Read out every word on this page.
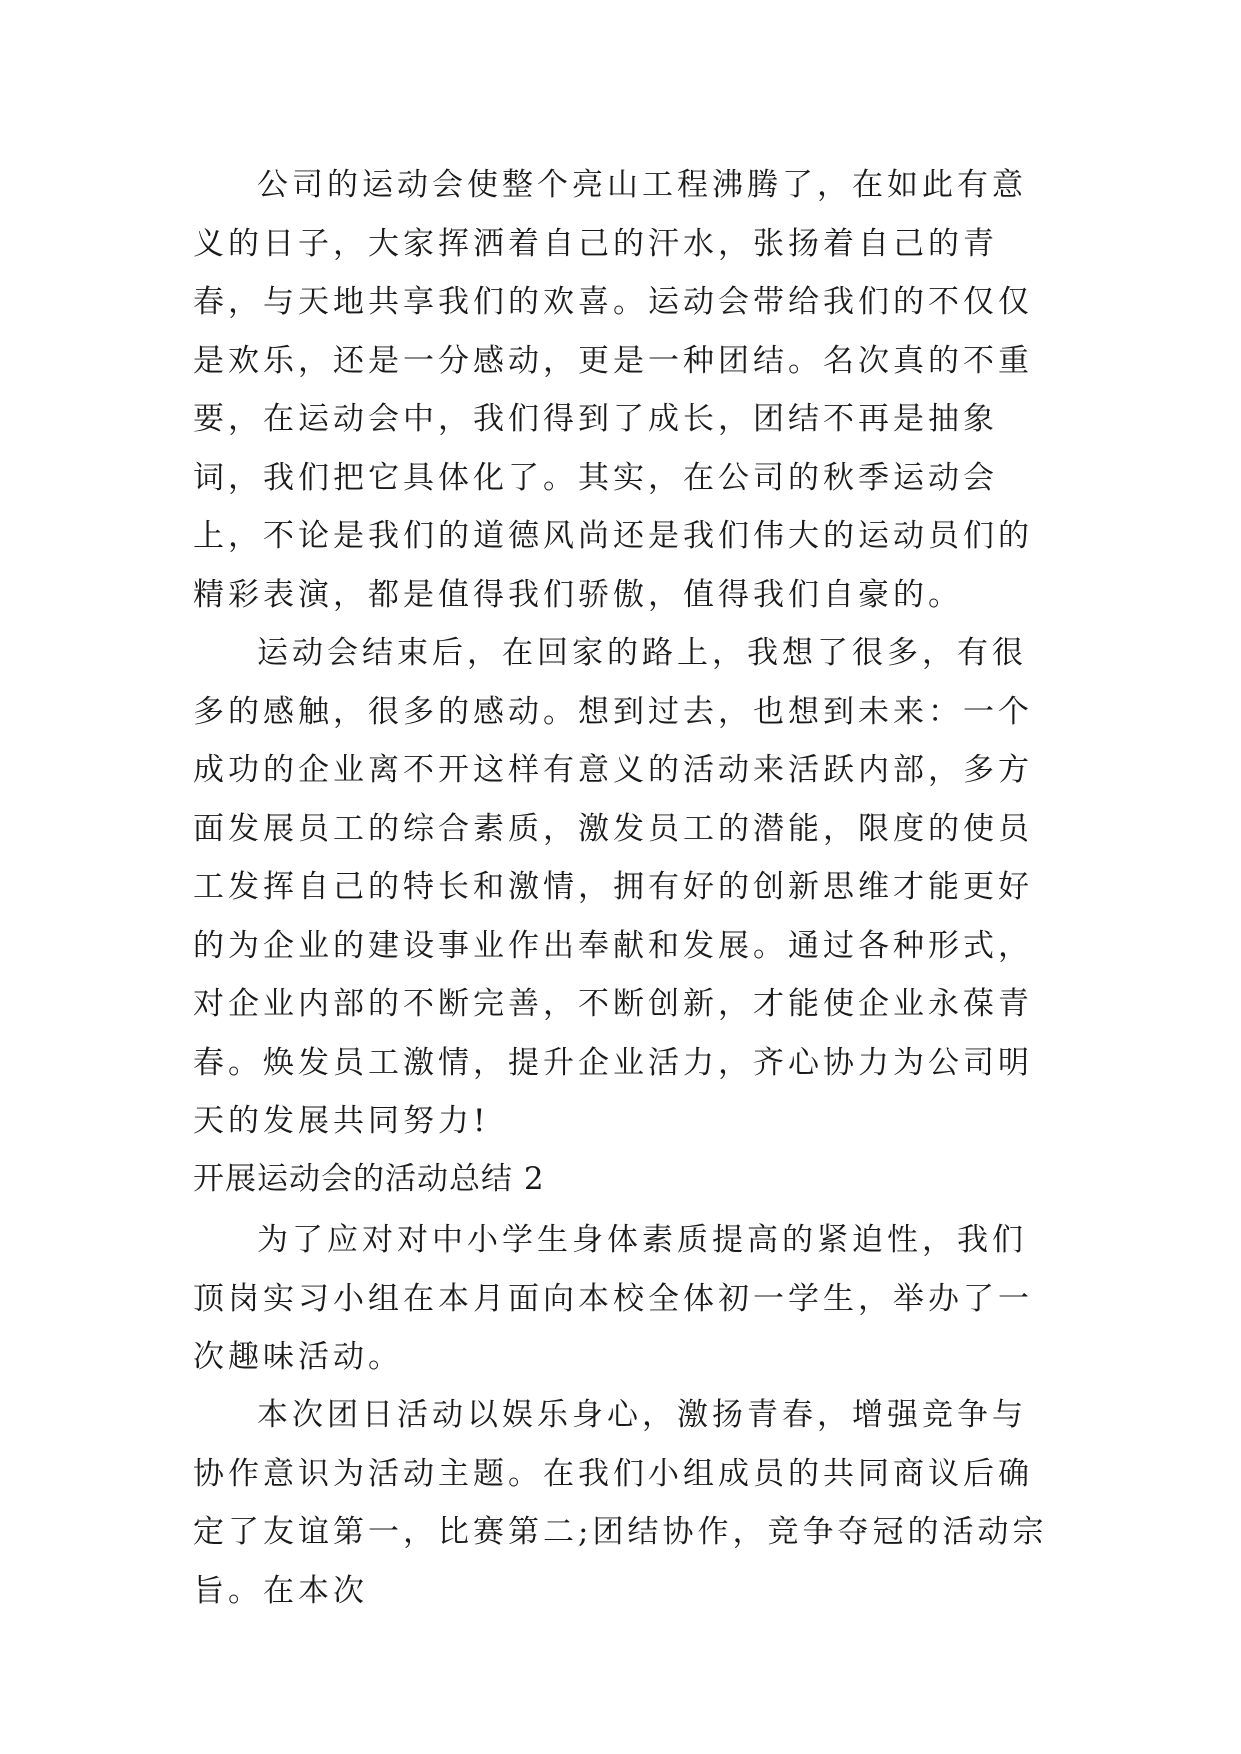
公司的运动会使整个亮山工程沸腾了，在如此有意义的日子，大家挥洒着自己的汗水，张扬着自己的青春，与天地共享我们的欢喜。运动会带给我们的不仅仅是欢乐，还是一分感动，更是一种团结。名次真的不重要，在运动会中，我们得到了成长，团结不再是抽象词，我们把它具体化了。其实，在公司的秋季运动会上，不论是我们的道德风尚还是我们伟大的运动员们的精彩表演，都是值得我们骄傲，值得我们自豪的。

运动会结束后，在回家的路上，我想了很多，有很多的感触，很多的感动。想到过去，也想到未来：一个成功的企业离不开这样有意义的活动来活跃内部，多方面发展员工的综合素质，激发员工的潜能，限度的使员工发挥自己的特长和激情，拥有好的创新思维才能更好的为企业的建设事业作出奉献和发展。通过各种形式，对企业内部的不断完善，不断创新，才能使企业永葆青春。焕发员工激情，提升企业活力，齐心协力为公司明天的发展共同努力!

开展运动会的活动总结 2

为了应对对中小学生身体素质提高的紧迫性，我们顶岗实习小组在本月面向本校全体初一学生，举办了一次趣味活动。

本次团日活动以娱乐身心，激扬青春，增强竞争与协作意识为活动主题。在我们小组成员的共同商议后确定了友谊第一，比赛第二;团结协作，竞争夺冠的活动宗旨。在本次
